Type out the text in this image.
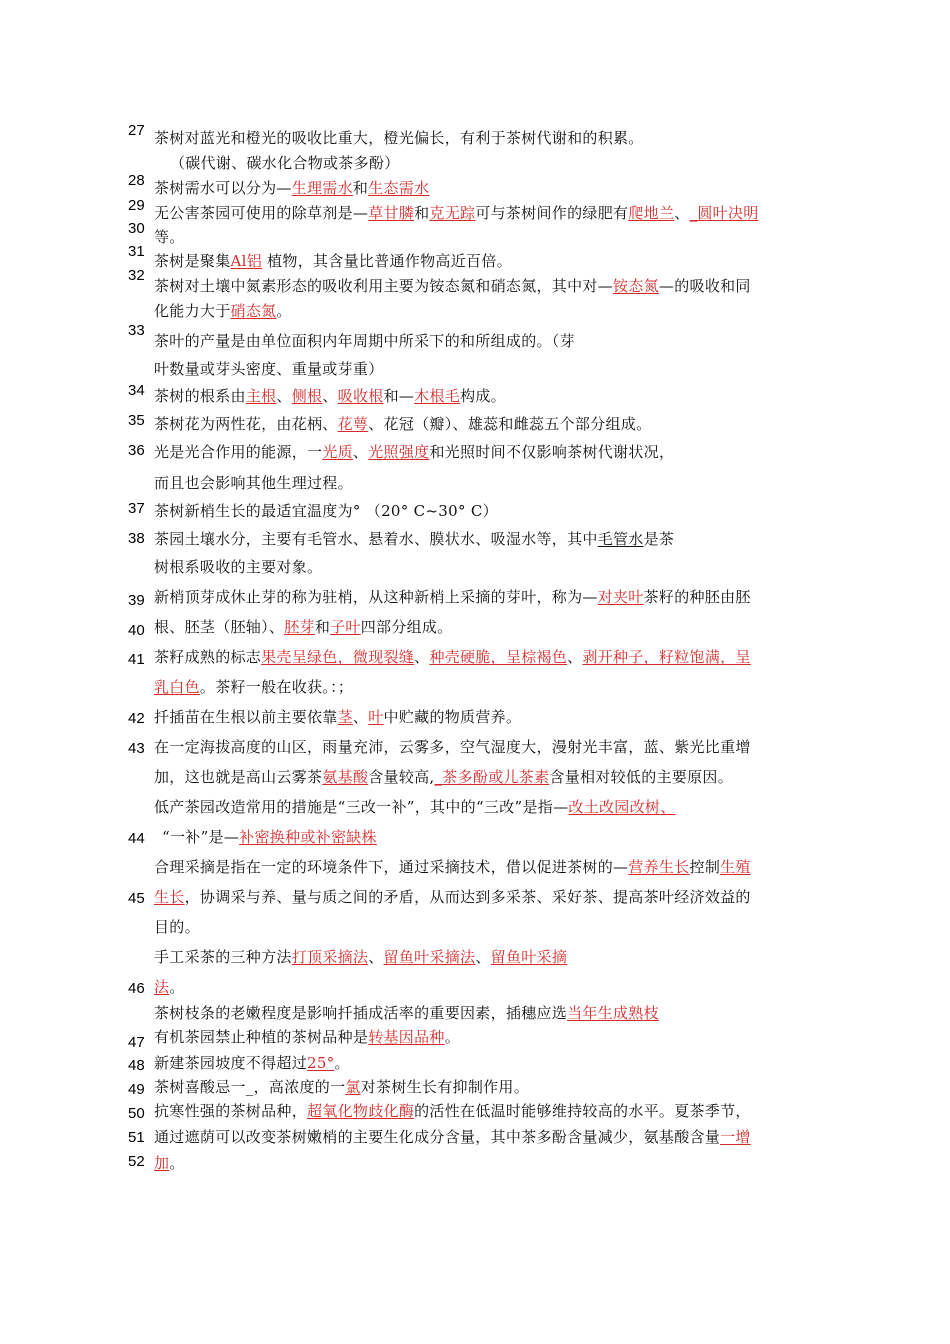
27
28
29
30
31
32
33
34
35
36
37
38
39
40
41
42
43
44
45
46
47
48
49
50
51
52
茶树对蓝光和橙光的吸收比重大，橙光偏长，有利于茶树代谢和的积累。
（碳代谢、碳水化合物或茶多酚）
茶树需水可以分为—生理需水和生态需水
无公害茶园可使用的除草剂是—草甘膦和克无踪可与茶树间作的绿肥有爬地兰、_圆叶决明
等。
茶树是聚集Al铝 植物，其含量比普通作物高近百倍。
茶树对土壤中氮素形态的吸收利用主要为铵态氮和硝态氮，其中对—铵态氮—的吸收和同
化能力大于硝态氮。
茶叶的产量是由单位面积内年周期中所采下的和所组成的。（芽
叶数量或芽头密度、重量或芽重）
茶树的根系由主根、侧根、吸收根和—木根毛构成。
茶树花为两性花，由花柄、花萼、花冠（瓣）、雄蕊和雌蕊五个部分组成。
光是光合作用的能源，一光质、光照强度和光照时间不仅影响茶树代谢状况，
而且也会影响其他生理过程。
茶树新梢生长的最适宜温度为° （20° C~30° C）
茶园土壤水分，主要有毛管水、悬着水、膜状水、吸湿水等，其中毛管水是茶
树根系吸收的主要对象。
新梢顶芽成休止芽的称为驻梢，从这种新梢上采摘的芽叶，称为—对夹叶茶籽的种胚由胚
根、胚茎（胚轴）、胚芽和子叶四部分组成。
茶籽成熟的标志果壳呈绿色，微现裂缝、种壳硬脆，呈棕褐色、剥开种子，籽粒饱满，呈
乳白色。茶籽一般在收获。：；
扦插苗在生根以前主要依靠茎、叶中贮藏的物质营养。
在一定海拔高度的山区，雨量充沛，云雾多，空气湿度大，漫射光丰富，蓝、紫光比重增
加，这也就是高山云雾茶氨基酸含量较高,_茶多酚或儿茶素含量相对较低的主要原因。
低产茶园改造常用的措施是“三改一补”，其中的“三改”是指—改土改园改树、
“一补”是—补密换种或补密缺株
合理采摘是指在一定的环境条件下，通过采摘技术，借以促进茶树的—营养生长控制生殖
生长，协调采与养、量与质之间的矛盾，从而达到多采茶、采好茶、提高茶叶经济效益的
目的。
手工采茶的三种方法打顶采摘法、留鱼叶采摘法、留鱼叶采摘
法。
茶树枝条的老嫩程度是影响扦插成活率的重要因素，插穗应选当年生成熟枝
有机茶园禁止种植的茶树品种是转基因品种。
新建茶园坡度不得超过25°。
茶树喜酸忌一_，高浓度的一氯对茶树生长有抑制作用。
抗寒性强的茶树品种，超氧化物歧化酶的活性在低温时能够维持较高的水平。夏茶季节，
通过遮荫可以改变茶树嫩梢的主要生化成分含量，其中茶多酚含量减少，氨基酸含量一增
加。
